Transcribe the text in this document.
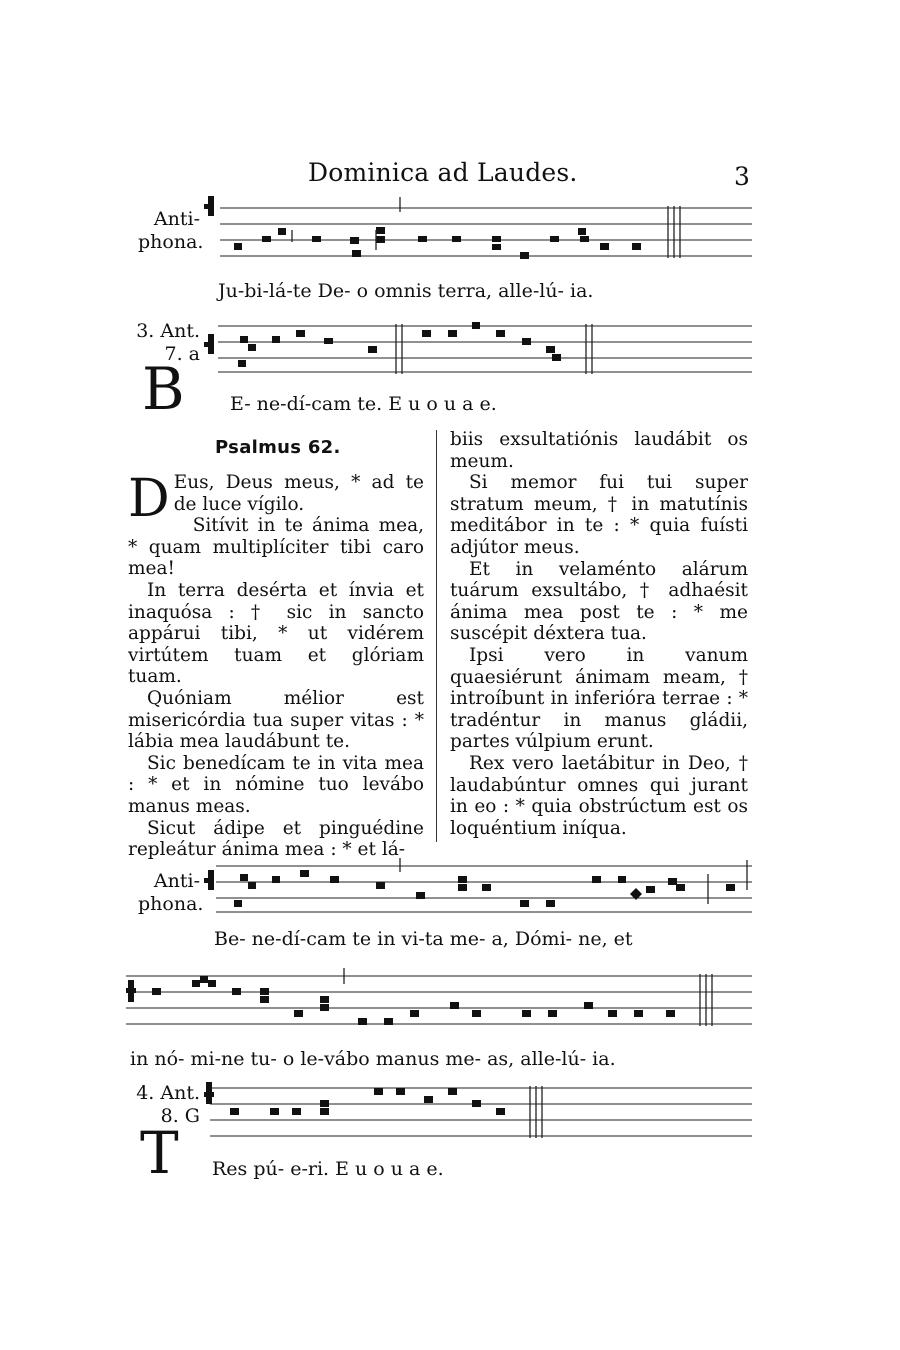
Dominica ad Laudes.	3
Anti-
phona.
Ju-bi-lá-te De- o omnis terra, alle-lú- ia.
3. Ant.
7. a
B E- ne-dí-cam te. E u o u a e.
Psalmus 62.

D Eus, Deus meus, * ad te de luce vígilo.

Sitívit in te ánima mea, * quam multiplíciter tibi caro mea!

In terra desérta et ínvia et inaquósa : † sic in sancto appárui tibi, * ut vidérem virtútem tuam et glóriam tuam.

Quóniam mélior est misericórdia tua super vitas : * lábia mea laudábunt te.

Sic benedícam te in vita mea : * et in nómine tuo levábo manus meas.

Sicut ádipe et pinguédine repleátur ánima mea : * et lá-

biis exsultatiónis laudábit os meum.

Si memor fui tui super stratum meum, † in matutínis meditábor in te : * quia fuísti adjútor meus.

Et in velaménto alárum tuárum exsultábo, † adhaésit ánima mea post te : * me suscépit déxtera tua.

Ipsi vero in vanum quaesiérunt ánimam meam, † introíbunt in inferióra terrae : * tradéntur in manus gládii, partes vúlpium erunt.

Rex vero laetábitur in Deo, † laudabúntur omnes qui jurant in eo : * quia obstrúctum est os loquéntium iníqua.

Anti-
phona.
Be- ne-dí-cam te in vi-ta me- a, Dómi- ne, et
in nó- mi-ne tu- o le-vábo manus me- as, alle-lú- ia.
4. Ant.
8. G
T Res pú- e-ri. E u o u a e.
